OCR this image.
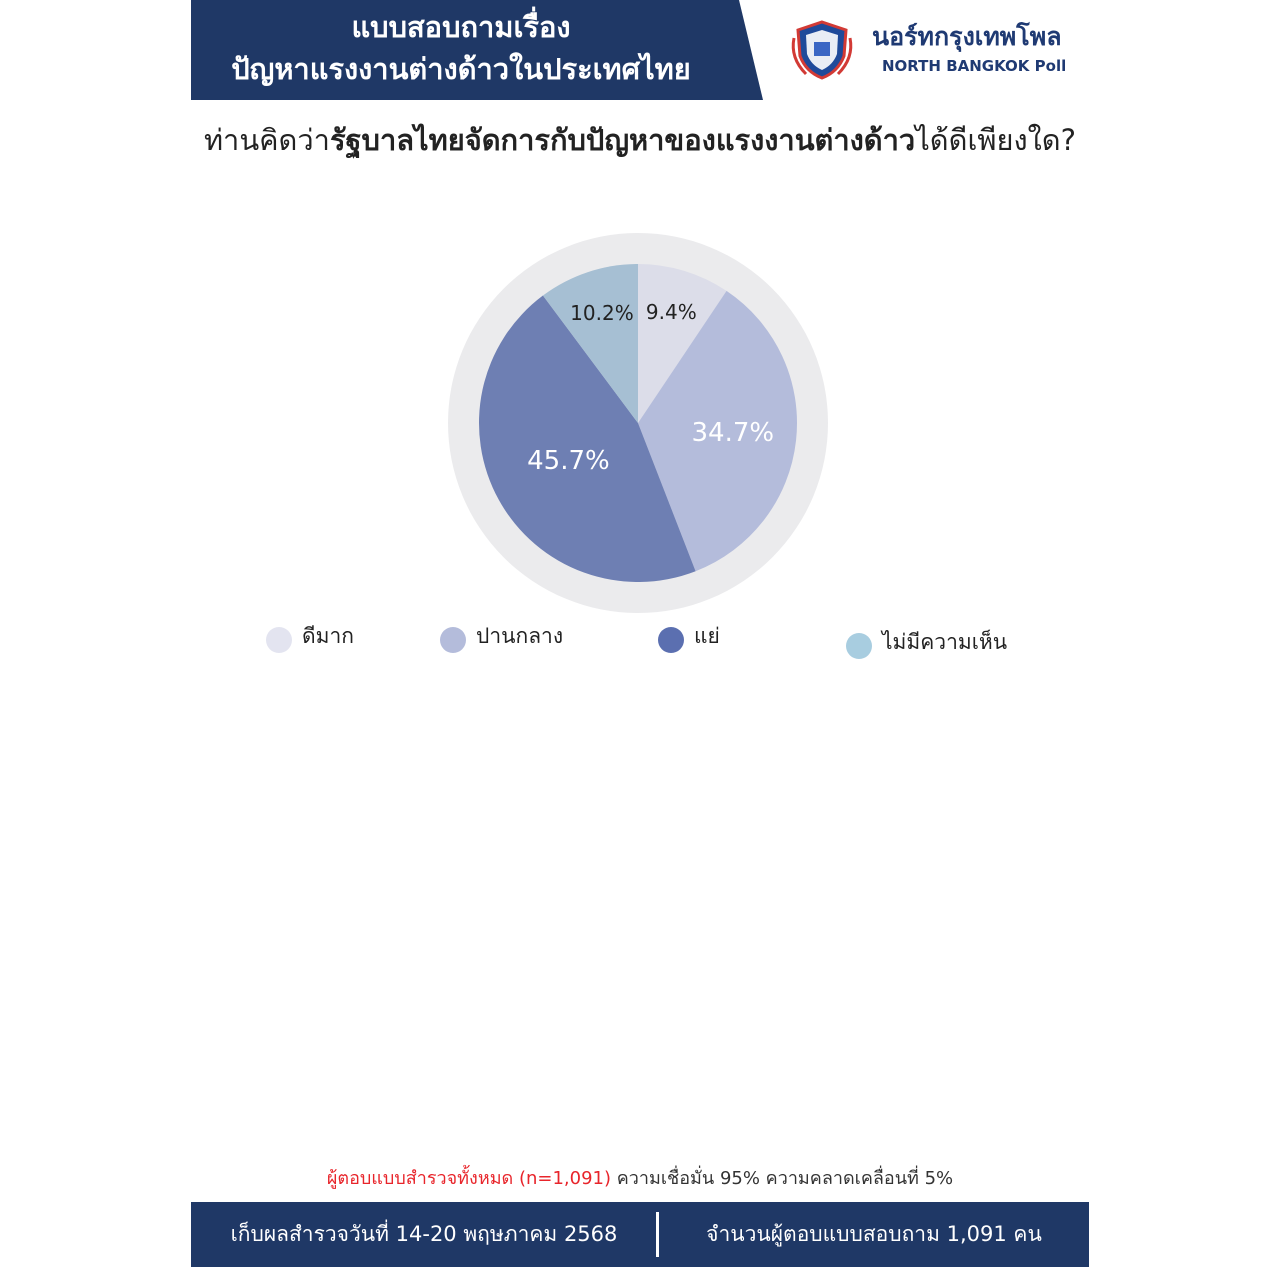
แบบสอบถามเรื่อง
ปัญหาแรงงานต่างด้าวในประเทศไทย
นอร์ทกรุงเทพโพล
NORTH BANGKOK Poll
ท่านคิดว่ารัฐบาลไทยจัดการกับปัญหาของแรงงานต่างด้าวได้ดีเพียงใด?
9.4%
34.7%
45.7%
10.2%
ดีมาก	ปานกลาง	แย่	ไม่มีความเห็น
ผู้ตอบแบบสำรวจทั้งหมด (n=1,091) ความเชื่อมั่น 95% ความคลาดเคลื่อนที่ 5%
เก็บผลสำรวจวันที่ 14-20 พฤษภาคม 2568	จำนวนผู้ตอบแบบสอบถาม 1,091 คน
